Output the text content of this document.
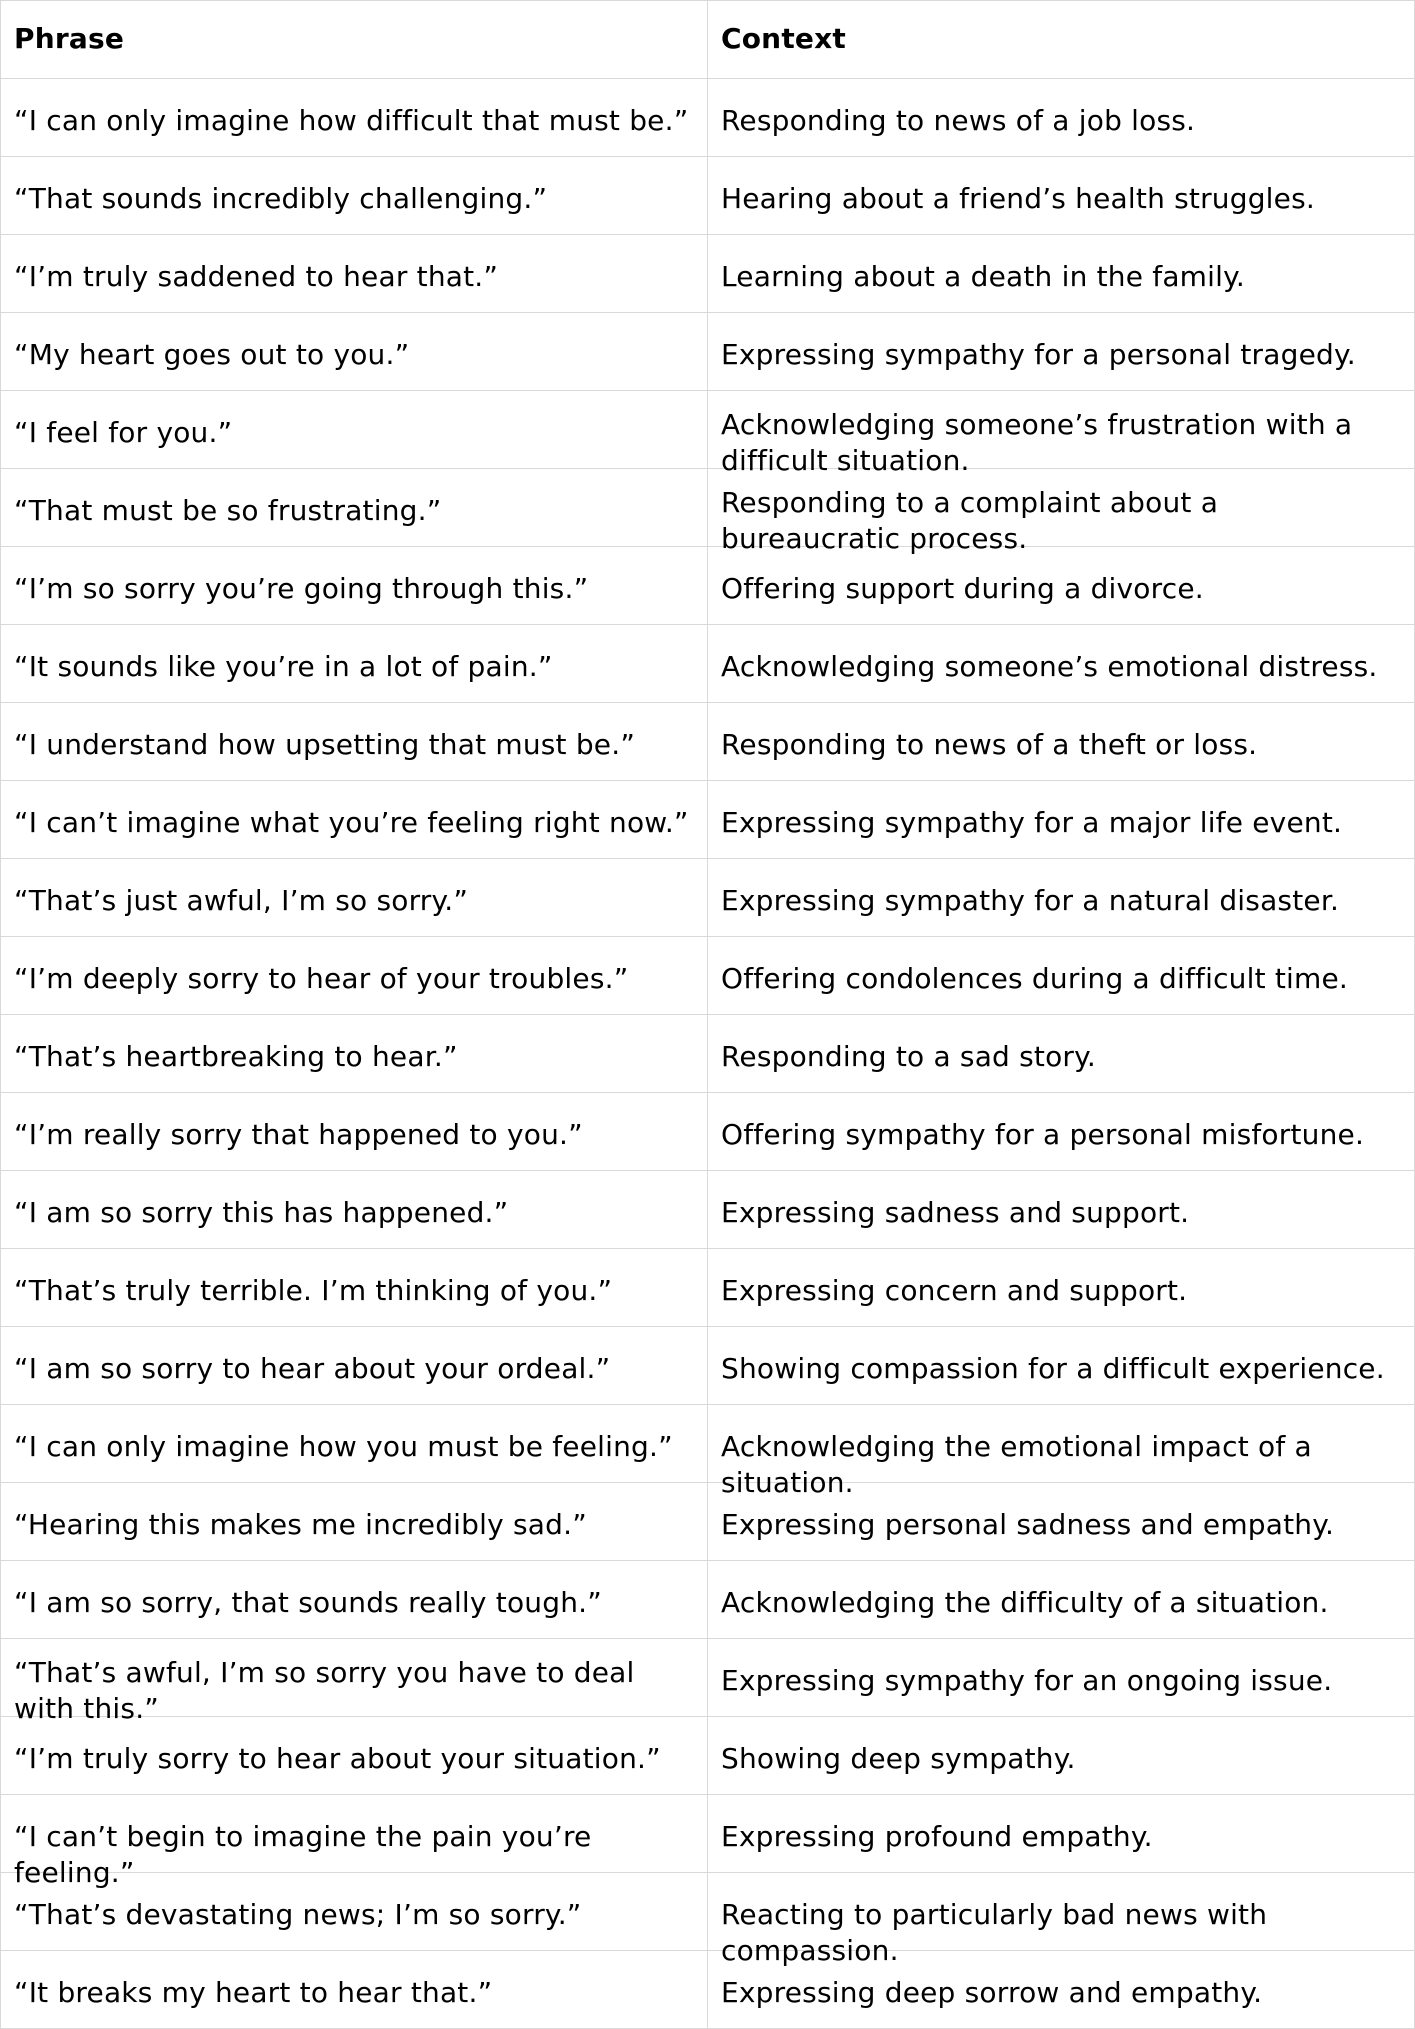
Phrase	Context

“I can only imagine how difficult that must be.”	Responding to news of a job loss.

“That sounds incredibly challenging.”	Hearing about a friend’s health struggles.

“I’m truly saddened to hear that.”	Learning about a death in the family.

“My heart goes out to you.”	Expressing sympathy for a personal tragedy.

“I feel for you.”	Acknowledging someone’s frustration with a difficult situation.

“That must be so frustrating.”	Responding to a complaint about a bureaucratic process.

“I’m so sorry you’re going through this.”	Offering support during a divorce.

“It sounds like you’re in a lot of pain.”	Acknowledging someone’s emotional distress.

“I understand how upsetting that must be.”	Responding to news of a theft or loss.

“I can’t imagine what you’re feeling right now.”	Expressing sympathy for a major life event.

“That’s just awful, I’m so sorry.”	Expressing sympathy for a natural disaster.

“I’m deeply sorry to hear of your troubles.”	Offering condolences during a difficult time.

“That’s heartbreaking to hear.”	Responding to a sad story.

“I’m really sorry that happened to you.”	Offering sympathy for a personal misfortune.

“I am so sorry this has happened.”	Expressing sadness and support.

“That’s truly terrible. I’m thinking of you.”	Expressing concern and support.

“I am so sorry to hear about your ordeal.”	Showing compassion for a difficult experience.

“I can only imagine how you must be feeling.”	Acknowledging the emotional impact of a situation.

“Hearing this makes me incredibly sad.”	Expressing personal sadness and empathy.

“I am so sorry, that sounds really tough.”	Acknowledging the difficulty of a situation.

“That’s awful, I’m so sorry you have to deal with this.”	Expressing sympathy for an ongoing issue.

“I’m truly sorry to hear about your situation.”	Showing deep sympathy.

“I can’t begin to imagine the pain you’re feeling.”	Expressing profound empathy.

“That’s devastating news; I’m so sorry.”	Reacting to particularly bad news with compassion.

“It breaks my heart to hear that.”	Expressing deep sorrow and empathy.
